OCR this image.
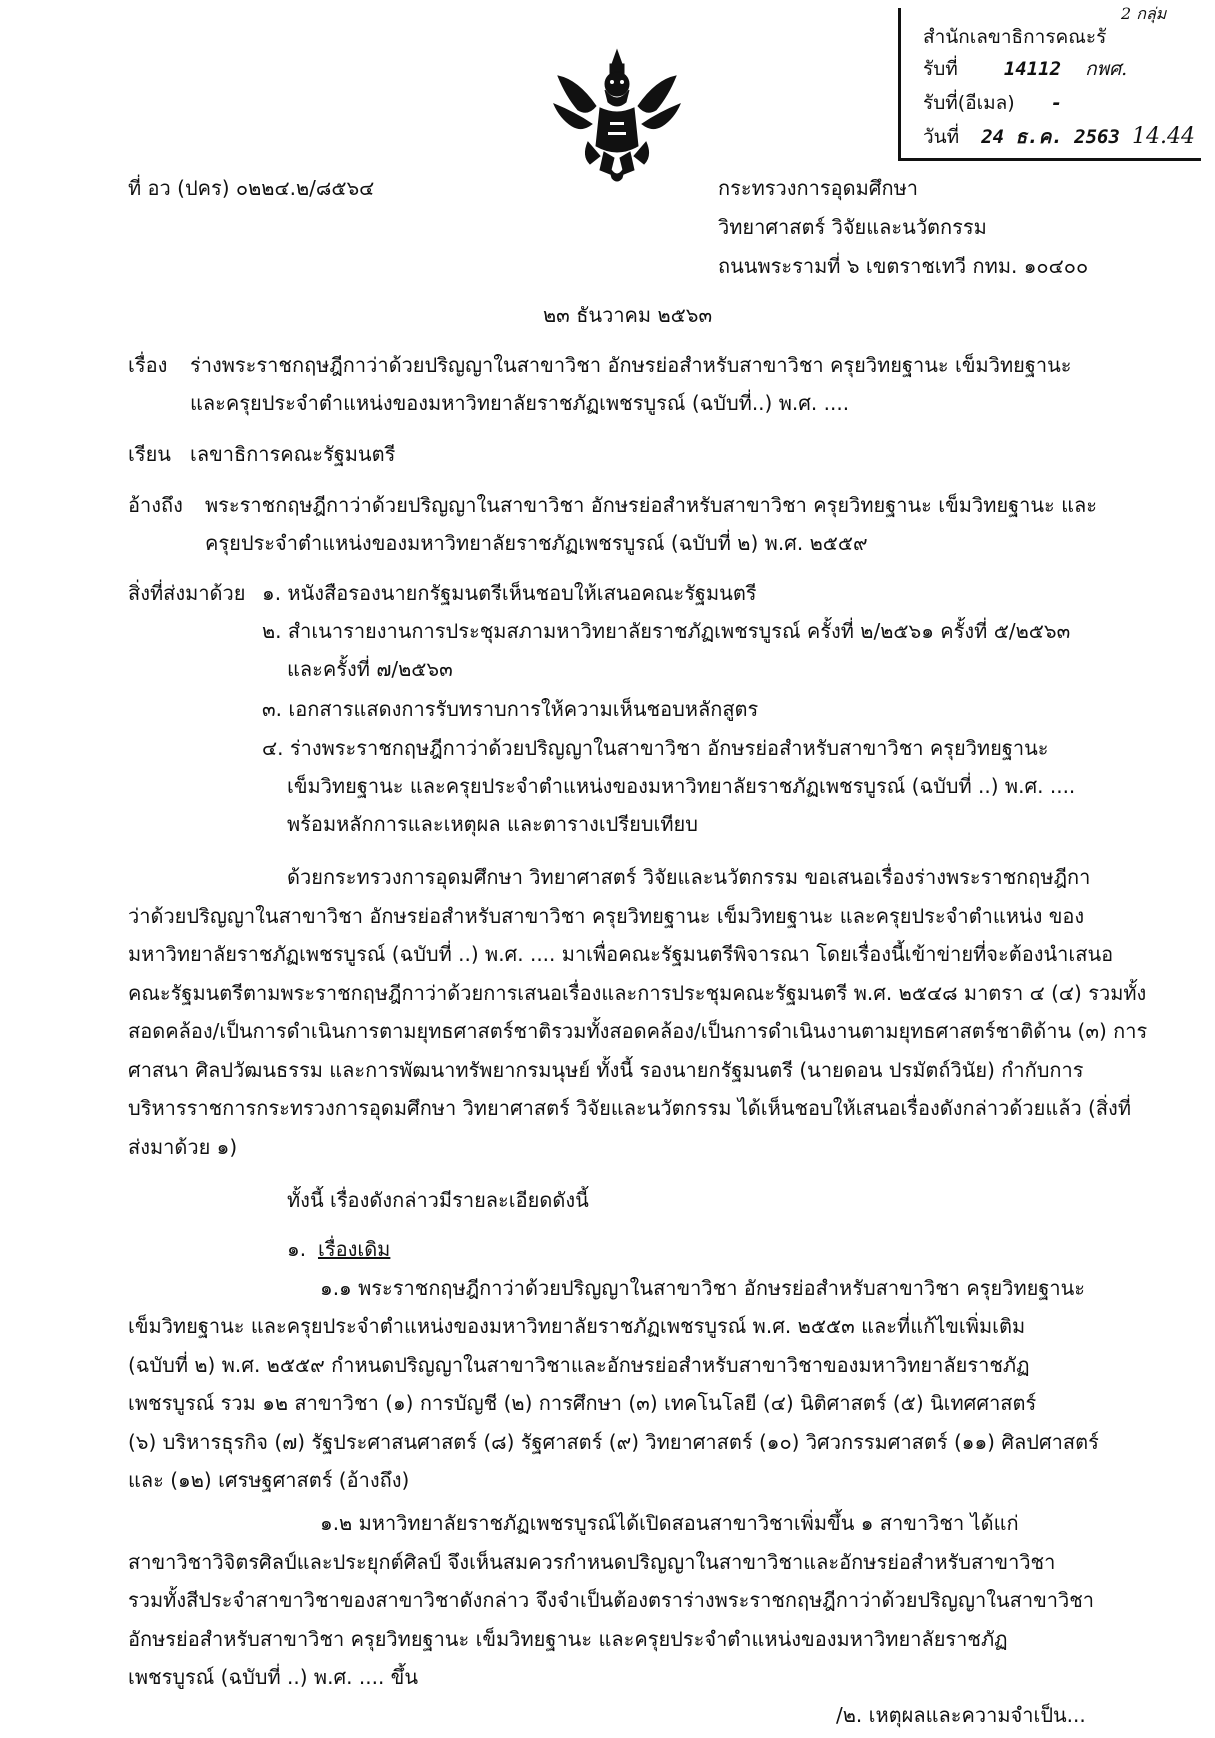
2 กลุ่ม
สำนักเลขาธิการคณะรั
รับที่ 14112 กพศ.
รับที่(อีเมล) -
วันที่ 24 ธ.ค. 2563 14.44
ที่ อว (ปคร) ๐๒๒๔.๒/๘๕๖๔	กระทรวงการอุดมศึกษา
วิทยาศาสตร์ วิจัยและนวัตกรรม
ถนนพระรามที่ ๖ เขตราชเทวี กทม. ๑๐๔๐๐
๒๓ ธันวาคม ๒๕๖๓
เรื่อง ร่างพระราชกฤษฎีกาว่าด้วยปริญญาในสาขาวิชา อักษรย่อสำหรับสาขาวิชา ครุยวิทยฐานะ เข็มวิทยฐานะ
และครุยประจำตำแหน่งของมหาวิทยาลัยราชภัฏเพชรบูรณ์ (ฉบับที่..) พ.ศ. ....
เรียน เลขาธิการคณะรัฐมนตรี
อ้างถึง พระราชกฤษฎีกาว่าด้วยปริญญาในสาขาวิชา อักษรย่อสำหรับสาขาวิชา ครุยวิทยฐานะ เข็มวิทยฐานะ และ
ครุยประจำตำแหน่งของมหาวิทยาลัยราชภัฏเพชรบูรณ์ (ฉบับที่ ๒) พ.ศ. ๒๕๕๙
สิ่งที่ส่งมาด้วย ๑. หนังสือรองนายกรัฐมนตรีเห็นชอบให้เสนอคณะรัฐมนตรี
๒. สำเนารายงานการประชุมสภามหาวิทยาลัยราชภัฏเพชรบูรณ์ ครั้งที่ ๒/๒๕๖๑ ครั้งที่ ๕/๒๕๖๓
และครั้งที่ ๗/๒๕๖๓
๓. เอกสารแสดงการรับทราบการให้ความเห็นชอบหลักสูตร
๔. ร่างพระราชกฤษฎีกาว่าด้วยปริญญาในสาขาวิชา อักษรย่อสำหรับสาขาวิชา ครุยวิทยฐานะ
เข็มวิทยฐานะ และครุยประจำตำแหน่งของมหาวิทยาลัยราชภัฏเพชรบูรณ์ (ฉบับที่ ..) พ.ศ. ....
พร้อมหลักการและเหตุผล และตารางเปรียบเทียบ
ด้วยกระทรวงการอุดมศึกษา วิทยาศาสตร์ วิจัยและนวัตกรรม ขอเสนอเรื่องร่างพระราชกฤษฎีกา
ว่าด้วยปริญญาในสาขาวิชา อักษรย่อสำหรับสาขาวิชา ครุยวิทยฐานะ เข็มวิทยฐานะ และครุยประจำตำแหน่ง ของ
มหาวิทยาลัยราชภัฏเพชรบูรณ์ (ฉบับที่ ..) พ.ศ. .... มาเพื่อคณะรัฐมนตรีพิจารณา โดยเรื่องนี้เข้าข่ายที่จะต้องนำเสนอ
คณะรัฐมนตรีตามพระราชกฤษฎีกาว่าด้วยการเสนอเรื่องและการประชุมคณะรัฐมนตรี พ.ศ. ๒๕๔๘ มาตรา ๔ (๔) รวมทั้ง
สอดคล้อง/เป็นการดำเนินการตามยุทธศาสตร์ชาติรวมทั้งสอดคล้อง/เป็นการดำเนินงานตามยุทธศาสตร์ชาติด้าน (๓) การ
ศาสนา ศิลปวัฒนธรรม และการพัฒนาทรัพยากรมนุษย์ ทั้งนี้ รองนายกรัฐมนตรี (นายดอน ปรมัตถ์วินัย) กำกับการ
บริหารราชการกระทรวงการอุดมศึกษา วิทยาศาสตร์ วิจัยและนวัตกรรม ได้เห็นชอบให้เสนอเรื่องดังกล่าวด้วยแล้ว (สิ่งที่
ส่งมาด้วย ๑)
ทั้งนี้ เรื่องดังกล่าวมีรายละเอียดดังนี้
๑. เรื่องเดิม
๑.๑ พระราชกฤษฎีกาว่าด้วยปริญญาในสาขาวิชา อักษรย่อสำหรับสาขาวิชา ครุยวิทยฐานะ
เข็มวิทยฐานะ และครุยประจำตำแหน่งของมหาวิทยาลัยราชภัฏเพชรบูรณ์ พ.ศ. ๒๕๕๓ และที่แก้ไขเพิ่มเติม
(ฉบับที่ ๒) พ.ศ. ๒๕๕๙ กำหนดปริญญาในสาขาวิชาและอักษรย่อสำหรับสาขาวิชาของมหาวิทยาลัยราชภัฏ
เพชรบูรณ์ รวม ๑๒ สาขาวิชา (๑) การบัญชี (๒) การศึกษา (๓) เทคโนโลยี (๔) นิติศาสตร์ (๕) นิเทศศาสตร์
(๖) บริหารธุรกิจ (๗) รัฐประศาสนศาสตร์ (๘) รัฐศาสตร์ (๙) วิทยาศาสตร์ (๑๐) วิศวกรรมศาสตร์ (๑๑) ศิลปศาสตร์
และ (๑๒) เศรษฐศาสตร์ (อ้างถึง)
๑.๒ มหาวิทยาลัยราชภัฏเพชรบูรณ์ได้เปิดสอนสาขาวิชาเพิ่มขึ้น ๑ สาขาวิชา ได้แก่
สาขาวิชาวิจิตรศิลป์และประยุกต์ศิลป์ จึงเห็นสมควรกำหนดปริญญาในสาขาวิชาและอักษรย่อสำหรับสาขาวิชา
รวมทั้งสีประจำสาขาวิชาของสาขาวิชาดังกล่าว จึงจำเป็นต้องตราร่างพระราชกฤษฎีกาว่าด้วยปริญญาในสาขาวิชา
อักษรย่อสำหรับสาขาวิชา ครุยวิทยฐานะ เข็มวิทยฐานะ และครุยประจำตำแหน่งของมหาวิทยาลัยราชภัฏ
เพชรบูรณ์ (ฉบับที่ ..) พ.ศ. .... ขึ้น
/๒. เหตุผลและความจำเป็น...
